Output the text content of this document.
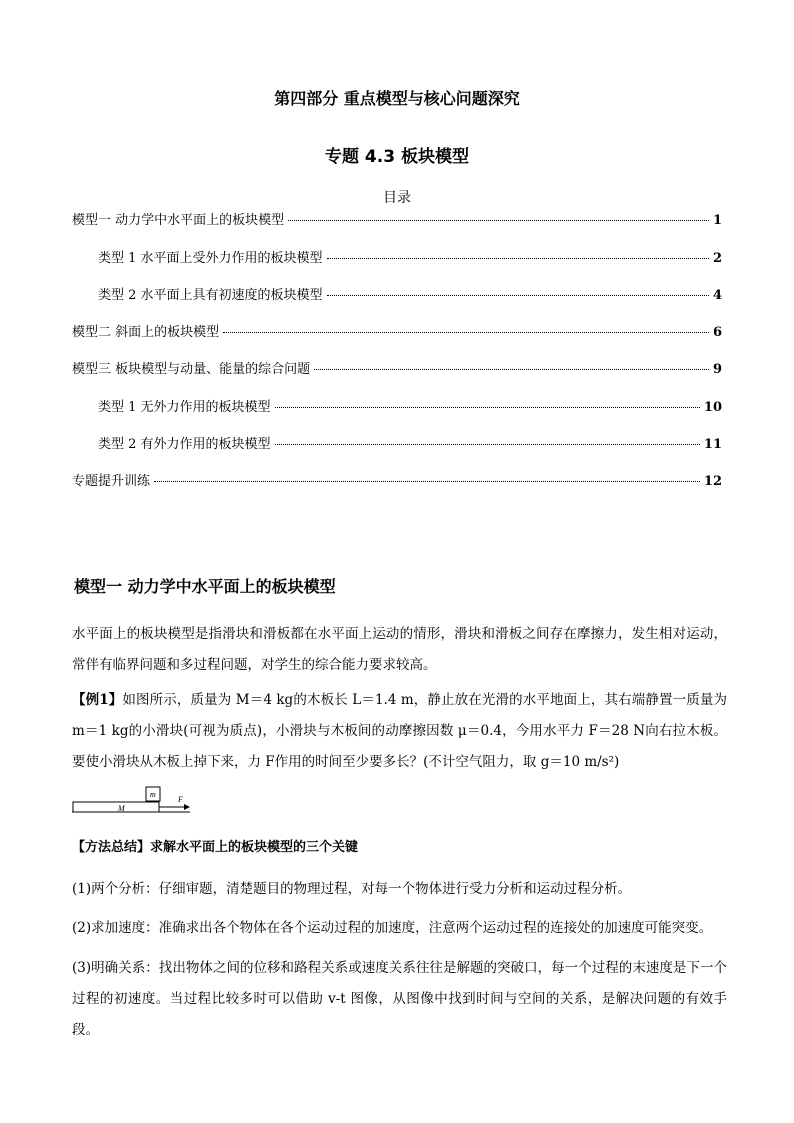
第四部分 重点模型与核心问题深究
专题 4.3 板块模型
目录
模型一 动力学中水平面上的板块模型	1
类型 1 水平面上受外力作用的板块模型	2
类型 2 水平面上具有初速度的板块模型	4
模型二 斜面上的板块模型	6
模型三 板块模型与动量、能量的综合问题	9
类型 1 无外力作用的板块模型	10
类型 2 有外力作用的板块模型	11
专题提升训练	12
模型一 动力学中水平面上的板块模型
水平面上的板块模型是指滑块和滑板都在水平面上运动的情形，滑块和滑板之间存在摩擦力，发生相对运动，常伴有临界问题和多过程问题，对学生的综合能力要求较高。
【例1】如图所示，质量为 M＝4 kg的木板长 L＝1.4 m，静止放在光滑的水平地面上，其右端静置一质量为 m＝1 kg的小滑块(可视为质点)，小滑块与木板间的动摩擦因数 μ＝0.4，今用水平力 F＝28 N向右拉木板。要使小滑块从木板上掉下来，力 F作用的时间至少要多长？(不计空气阻力，取 g＝10 m/s²)
M
m
F
【方法总结】求解水平面上的板块模型的三个关键
(1)两个分析：仔细审题，清楚题目的物理过程，对每一个物体进行受力分析和运动过程分析。
(2)求加速度：准确求出各个物体在各个运动过程的加速度，注意两个运动过程的连接处的加速度可能突变。
(3)明确关系：找出物体之间的位移和路程关系或速度关系往往是解题的突破口，每一个过程的末速度是下一个过程的初速度。当过程比较多时可以借助 v-t 图像，从图像中找到时间与空间的关系，是解决问题的有效手段。
